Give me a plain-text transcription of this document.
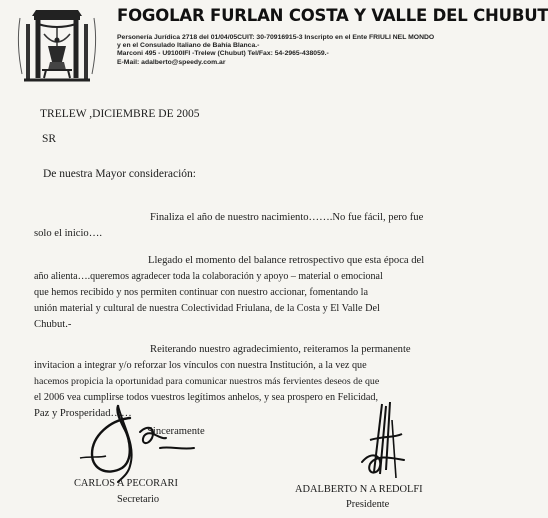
FOGOLAR FURLAN COSTA Y VALLE DEL CHUBUT
Personería Jurídica 2718 del 01/04/05CUIT: 30-70916915-3 Inscripto en el Ente FRIULI NEL MONDO
y en el Consulado Italiano de Bahía Blanca.-
Marconi 495 - U9100IFI -Trelew (Chubut) Tel/Fax: 54-2965-438059.-
E-Mail: adalberto@speedy.com.ar
TRELEW ,DICIEMBRE DE 2005
SR
De nuestra Mayor consideración:
Finaliza el año de nuestro nacimiento…….No fue fácil, pero fue
solo el inicio….
Llegado el momento del balance retrospectivo que esta época del
año alienta….queremos agradecer toda la colaboración y apoyo – material o emocional
que hemos recibido y nos permiten continuar con nuestro accionar, fomentando la
unión material y cultural de nuestra Colectividad Friulana, de la Costa y El Valle Del
Chubut.-
Reiterando nuestro agradecimiento, reiteramos la permanente
invitacion a integrar y/o reforzar los vínculos con nuestra Institución, a la vez que
hacemos propicia la oportunidad para comunicar nuestros más fervientes deseos de que
el 2006 vea cumplirse todos vuestros legítimos anhelos, y sea prospero en Felicidad,
Paz y Prosperidad……
Sinceramente
CARLOS A PECORARI
Secretario
ADALBERTO N A REDOLFI
Presidente
